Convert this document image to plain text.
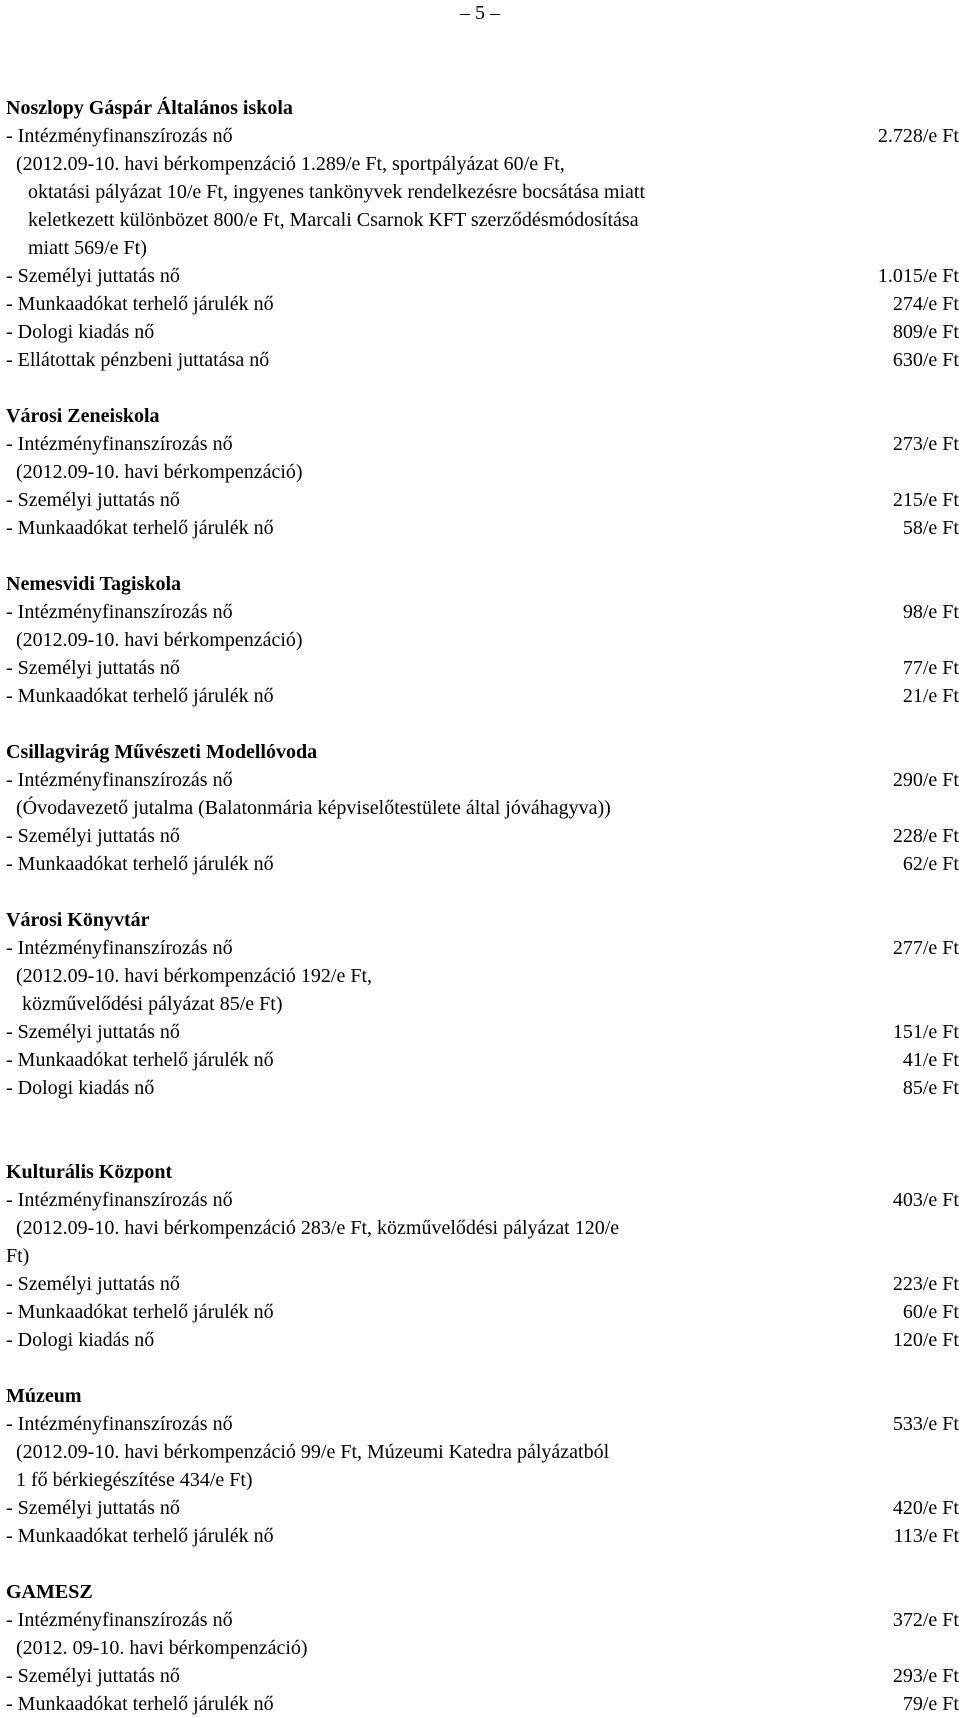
– 5 –
Noszlopy Gáspár Általános iskola
- Intézményfinanszírozás nő	2.728/e Ft
(2012.09-10. havi bérkompenzáció 1.289/e Ft, sportpályázat 60/e Ft,
oktatási pályázat 10/e Ft, ingyenes tankönyvek rendelkezésre bocsátása miatt
keletkezett különbözet 800/e Ft, Marcali Csarnok KFT szerződésmódosítása
miatt 569/e Ft)
- Személyi juttatás nő	1.015/e Ft
- Munkaadókat terhelő járulék nő	274/e Ft
- Dologi kiadás nő	809/e Ft
- Ellátottak pénzbeni juttatása nő	630/e Ft
Városi Zeneiskola
- Intézményfinanszírozás nő	273/e Ft
(2012.09-10. havi bérkompenzáció)
- Személyi juttatás nő	215/e Ft
- Munkaadókat terhelő járulék nő	58/e Ft
Nemesvidi Tagiskola
- Intézményfinanszírozás nő	98/e Ft
(2012.09-10. havi bérkompenzáció)
- Személyi juttatás nő	77/e Ft
- Munkaadókat terhelő járulék nő	21/e Ft
Csillagvirág Művészeti Modellóvoda
- Intézményfinanszírozás nő	290/e Ft
(Óvodavezető jutalma (Balatonmária képviselőtestülete által jóváhagyva))
- Személyi juttatás nő	228/e Ft
- Munkaadókat terhelő járulék nő	62/e Ft
Városi Könyvtár
- Intézményfinanszírozás nő	277/e Ft
(2012.09-10. havi bérkompenzáció 192/e Ft,
közművelődési pályázat 85/e Ft)
- Személyi juttatás nő	151/e Ft
- Munkaadókat terhelő járulék nő	41/e Ft
- Dologi kiadás nő	85/e Ft
Kulturális Központ
- Intézményfinanszírozás nő	403/e Ft
(2012.09-10. havi bérkompenzáció 283/e Ft, közművelődési pályázat 120/e
Ft)
- Személyi juttatás nő	223/e Ft
- Munkaadókat terhelő járulék nő	60/e Ft
- Dologi kiadás nő	120/e Ft
Múzeum
- Intézményfinanszírozás nő	533/e Ft
(2012.09-10. havi bérkompenzáció 99/e Ft, Múzeumi Katedra pályázatból
1 fő bérkiegészítése 434/e Ft)
- Személyi juttatás nő	420/e Ft
- Munkaadókat terhelő járulék nő	113/e Ft
GAMESZ
- Intézményfinanszírozás nő	372/e Ft
(2012. 09-10. havi bérkompenzáció)
- Személyi juttatás nő	293/e Ft
- Munkaadókat terhelő járulék nő	79/e Ft
